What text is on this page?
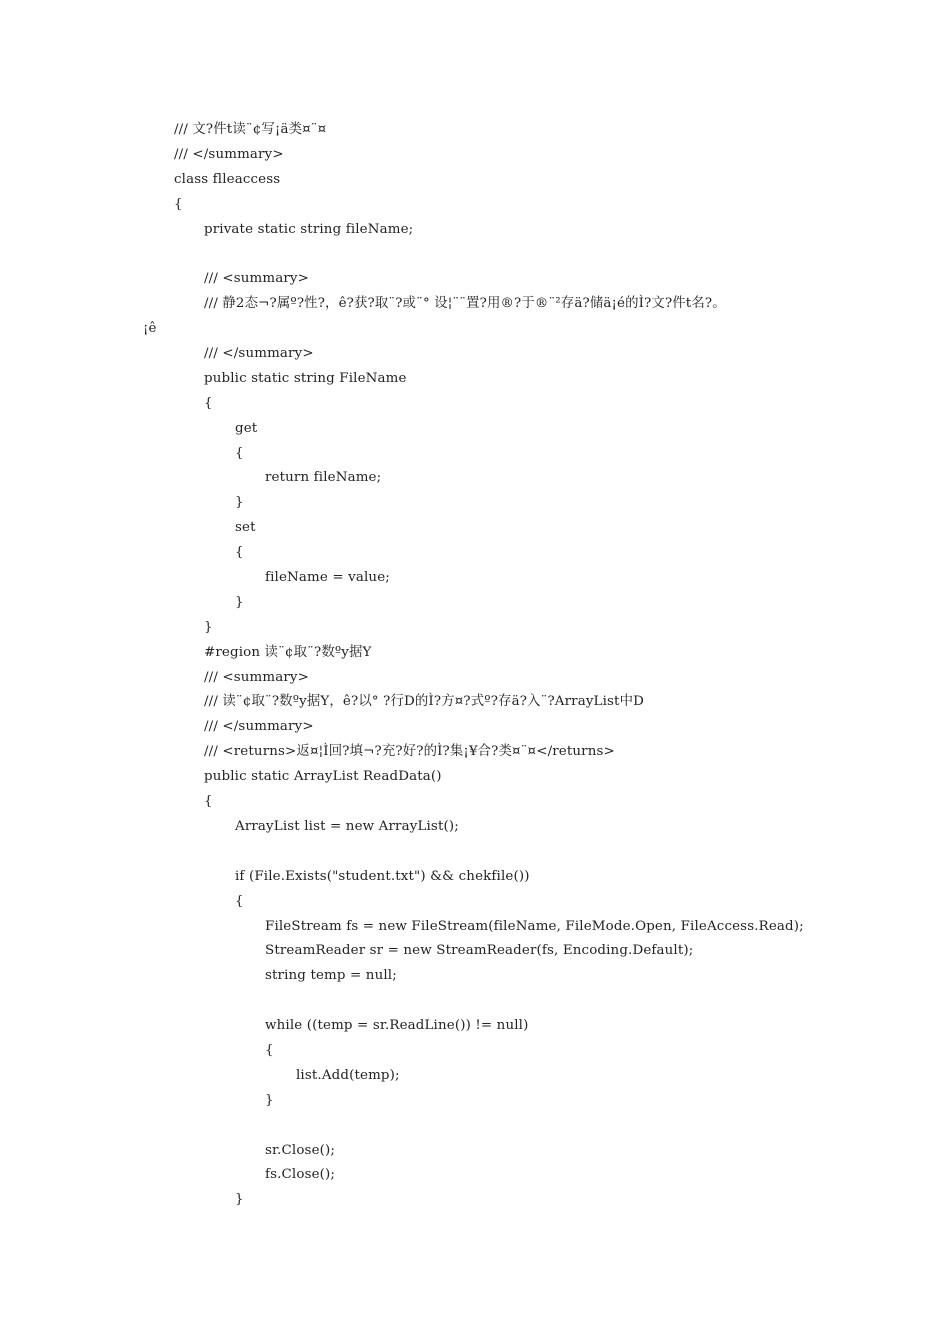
/// 文?件t读¨¢写¡ä类¤¨¤
/// </summary>
class flleaccess
{
private static string fileName;
/// <summary>
/// 静2态¬?属º?性?，ê?获?取¨?或¨° 设¦¨¨置?用®?于®¨²存ä?储ä¡é的Ì?文?件t名?。
¡ê
/// </summary>
public static string FileName
{
get
{
return fileName;
}
set
{
fileName = value;
}
}
#region 读¨¢取¨?数ºy据Y
/// <summary>
/// 读¨¢取¨?数ºy据Y，ê?以° ?行D的Ì?方¤?式º?存ä?入¨?ArrayList中D
/// </summary>
/// <returns>返¤¦Ì回?填¬?充?好?的Ì?集¡¥合?类¤¨¤</returns>
public static ArrayList ReadData()
{
ArrayList list = new ArrayList();
if (File.Exists("student.txt") && chekfile())
{
FileStream fs = new FileStream(fileName, FileMode.Open, FileAccess.Read);
StreamReader sr = new StreamReader(fs, Encoding.Default);
string temp = null;
while ((temp = sr.ReadLine()) != null)
{
list.Add(temp);
}
sr.Close();
fs.Close();
}
